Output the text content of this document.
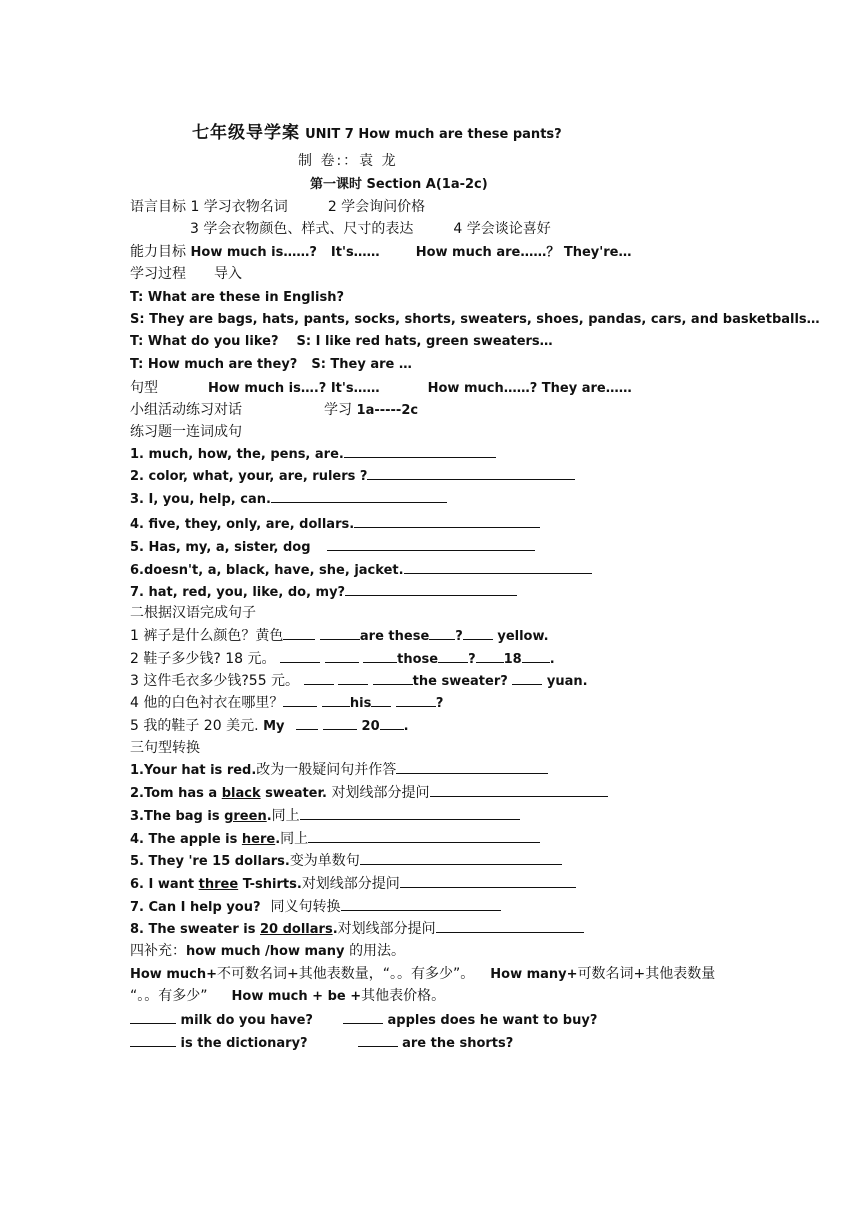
七年级导学案 UNIT 7 How much are these pants?
制 卷:：袁 龙
第一课时 Section A(1a-2c)
语言目标 1 学习衣物名词	2 学会询问价格
3 学会衣物颜色、样式、尺寸的表达	4 学会谈论喜好
能力目标 How much is……? It's……	How much are……？ They're…
学习过程 导入
T: What are these in English?
S: They are bags, hats, pants, socks, shorts, sweaters, shoes, pandas, cars, and basketballs…
T: What do you like? S: I like red hats, green sweaters…
T: How much are they? S: They are …
句型	How much is….? It's……	How much……? They are……
小组活动练习对话	学习 1a-----2c
练习题一连词成句
1. much, how, the, pens, are.
2. color, what, your, are, rulers ?
3. I, you, help, can.
4. five, they, only, are, dollars.
5. Has, my, a, sister, dog
6.doesn't, a, black, have, she, jacket.
7. hat, red, you, like, do, my?
二根据汉语完成句子
1 裤子是什么颜色？黄色	are these ?	yellow.
2 鞋子多少钱? 18 元。	those ? 18 .
3 这件毛衣多少钱?55 元。	the sweater?	yuan.
4 他的白色衬衣在哪里？	his	?
5 我的鞋子 20 美元. My	20 .
三句型转换
1.Your hat is red.改为一般疑问句并作答
2.Tom has a black sweater. 对划线部分提问
3.The bag is green.同上
4. The apple is here.同上
5. They 're 15 dollars.变为单数句
6. I want three T-shirts.对划线部分提问
7. Can I help you? 同义句转换
8. The sweater is 20 dollars.对划线部分提问
四补充：how much /how many 的用法。
How much+不可数名词+其他表数量，“。。有多少”。 How many+可数名词+其他表数量
“。。有多少” How much + be +其他表价格。
milk do you have?	apples does he want to buy?
is the dictionary?	are the shorts?
